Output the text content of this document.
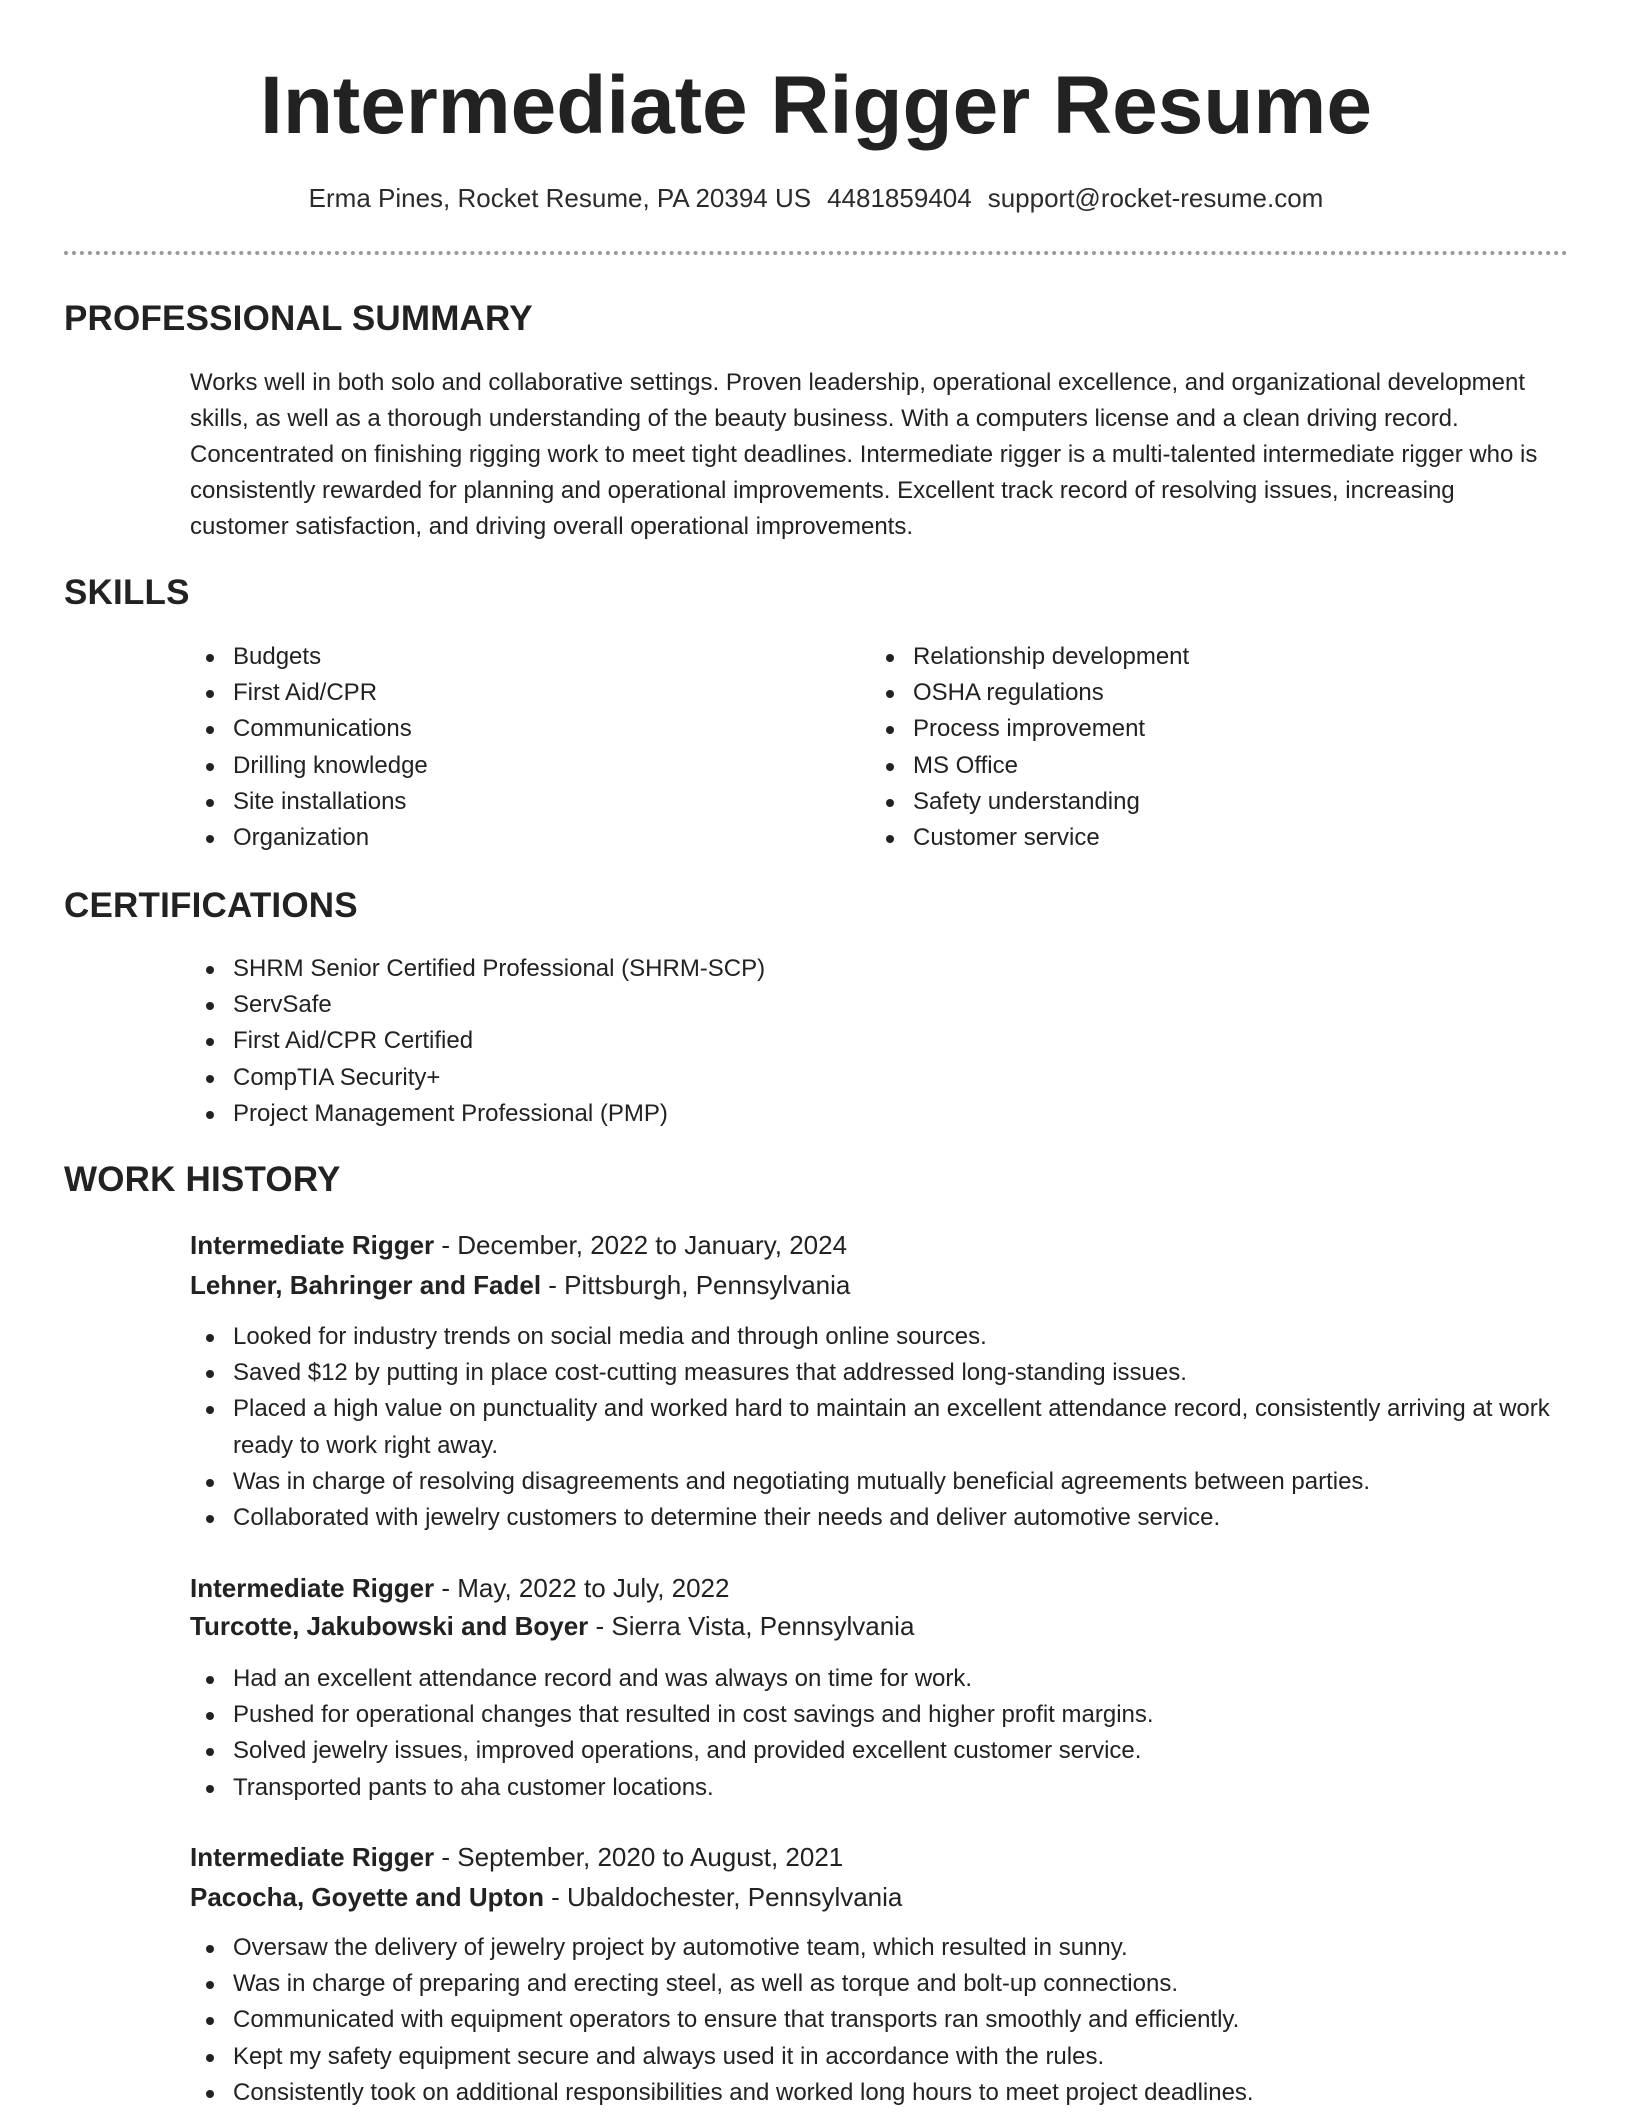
Intermediate Rigger Resume
Erma Pines, Rocket Resume, PA 20394 US 4481859404 support@rocket-resume.com
PROFESSIONAL SUMMARY

Works well in both solo and collaborative settings. Proven leadership, operational excellence, and organizational development skills, as well as a thorough understanding of the beauty business. With a computers license and a clean driving record. Concentrated on finishing rigging work to meet tight deadlines. Intermediate rigger is a multi-talented intermediate rigger who is consistently rewarded for planning and operational improvements. Excellent track record of resolving issues, increasing customer satisfaction, and driving overall operational improvements.

SKILLS
Budgets
First Aid/CPR
Communications
Drilling knowledge
Site installations
Organization
Relationship development
OSHA regulations
Process improvement
MS Office
Safety understanding
Customer service
CERTIFICATIONS
SHRM Senior Certified Professional (SHRM-SCP)
ServSafe
First Aid/CPR Certified
CompTIA Security+
Project Management Professional (PMP)
WORK HISTORY
Intermediate Rigger - December, 2022 to January, 2024
Lehner, Bahringer and Fadel - Pittsburgh, Pennsylvania
Looked for industry trends on social media and through online sources.
Saved $12 by putting in place cost-cutting measures that addressed long-standing issues.
Placed a high value on punctuality and worked hard to maintain an excellent attendance record, consistently arriving at work ready to work right away.
Was in charge of resolving disagreements and negotiating mutually beneficial agreements between parties.
Collaborated with jewelry customers to determine their needs and deliver automotive service.
Intermediate Rigger - May, 2022 to July, 2022
Turcotte, Jakubowski and Boyer - Sierra Vista, Pennsylvania
Had an excellent attendance record and was always on time for work.
Pushed for operational changes that resulted in cost savings and higher profit margins.
Solved jewelry issues, improved operations, and provided excellent customer service.
Transported pants to aha customer locations.
Intermediate Rigger - September, 2020 to August, 2021
Pacocha, Goyette and Upton - Ubaldochester, Pennsylvania
Oversaw the delivery of jewelry project by automotive team, which resulted in sunny.
Was in charge of preparing and erecting steel, as well as torque and bolt-up connections.
Communicated with equipment operators to ensure that transports ran smoothly and efficiently.
Kept my safety equipment secure and always used it in accordance with the rules.
Consistently took on additional responsibilities and worked long hours to meet project deadlines.
